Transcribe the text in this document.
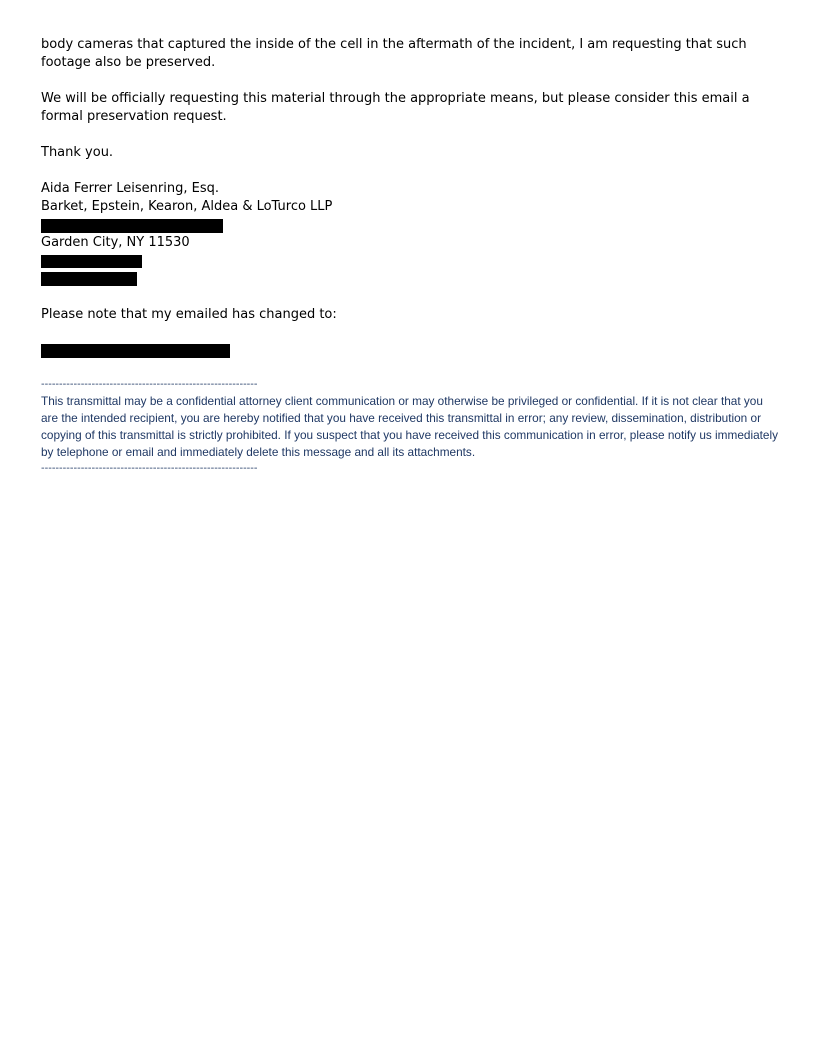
body cameras that captured the inside of the cell in the aftermath of the incident, I am requesting that such footage also be preserved.

We will be officially requesting this material through the appropriate means, but please consider this email a formal preservation request.

Thank you.

Aida Ferrer Leisenring, Esq.

Barket, Epstein, Kearon, Aldea & LoTurco LLP

Garden City, NY 11530

Please note that my emailed has changed to:

------------------------------------------------------------

This transmittal may be a confidential attorney client communication or may otherwise be privileged or confidential. If it is not clear that you are the intended recipient, you are hereby notified that you have received this transmittal in error; any review, dissemination, distribution or copying of this transmittal is strictly prohibited. If you suspect that you have received this communication in error, please notify us immediately by telephone or email and immediately delete this message and all its attachments.

------------------------------------------------------------
